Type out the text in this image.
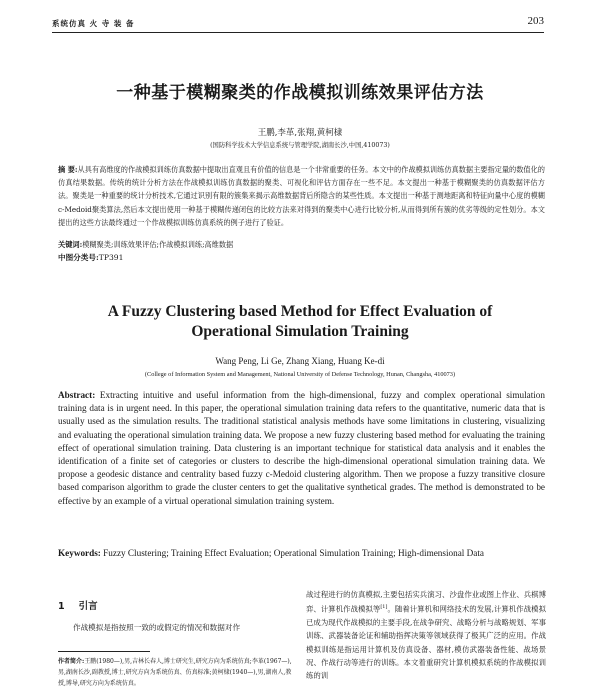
系统仿真 火 寺 装 备	203
一种基于模糊聚类的作战模拟训练效果评估方法
王鹏,李革,张翔,黄柯棣
(国防科学技术大学信息系统与管理学院,湖南长沙,中国,410073)
摘 要:从具有高维度的作战模拟训练仿真数据中提取出直观且有价值的信息是一个非常重要的任务。本文中的作战模拟训练仿真数据主要指定量的数值化的仿真结果数据。传统的统计分析方法在作战模拟训练仿真数据的聚类、可视化和评估方面存在一些不足。本文提出一种基于模糊聚类的仿真数据评估方法。聚类是一种重要的统计分析技术,它通过识别有限的簇集来揭示高维数据背后所隐含的某些性质。本文提出一种基于测地距离和特征向量中心度的模糊c-Medoid聚类算法,然后本文提出使用一种基于模糊传递闭包的比较方法来对得到的聚类中心进行比较分析,从而得到所有簇的优劣等级的定性划分。本文提出的这些方法最终通过一个作战模拟训练仿真系统的例子进行了验证。
关键词:模糊聚类;训练效果评估;作战模拟训练;高维数据
中图分类号:TP391
A Fuzzy Clustering based Method for Effect Evaluation of
Operational Simulation Training
Wang Peng, Li Ge, Zhang Xiang, Huang Ke-di
(College of Information System and Management, National University of Defense Technology, Hunan, Changsha, 410073)
Abstract: Extracting intuitive and useful information from the high-dimensional, fuzzy and complex operational simulation training data is in urgent need. In this paper, the operational simulation training data refers to the quantitative, numeric data that is usually used as the simulation results. The traditional statistical analysis methods have some limitations in clustering, visualizing and evaluating the operational simulation training data. We propose a new fuzzy clustering based method for evaluating the training effect of operational simulation training. Data clustering is an important technique for statistical data analysis and it enables the identification of a finite set of categories or clusters to describe the high-dimensional operational simulation training data. We propose a geodesic distance and centrality based fuzzy c-Medoid clustering algorithm. Then we propose a fuzzy transitive closure based comparison algorithm to grade the cluster centers to get the qualitative synthetical grades. The method is demonstrated to be effective by an example of a virtual operational simulation training system.
Keywords: Fuzzy Clustering; Training Effect Evaluation; Operational Simulation Training; High-dimensional Data
1 引言
作战模拟是指按照一致的或假定的情况和数据对作
作者简介:王鹏(1980—),男,吉林长春人,博士研究生,研究方向为系统仿真;李革(1967—),男,湖南长沙,副教授,博士,研究方向为系统仿真、仿真标准;黄柯棣(1940—),男,湖南人,教授,博导,研究方向为系统仿真。
战过程进行的仿真模拟,主要包括实兵演习、沙盘作业或图上作业、兵棋博弈、计算机作战模拟等[1]。随着计算机和网络技术的发展,计算机作战模拟已成为现代作战模拟的主要手段,在战争研究、战略分析与战略规划、军事训练、武器装备论证和辅助指挥决策等领域获得了极其广泛的应用。作战模拟训练是指运用计算机及仿真设备、器材,模仿武器装备性能、战场景况、作战行动等进行的训练。本文着重研究计算机模拟系统的作战模拟训练的训
